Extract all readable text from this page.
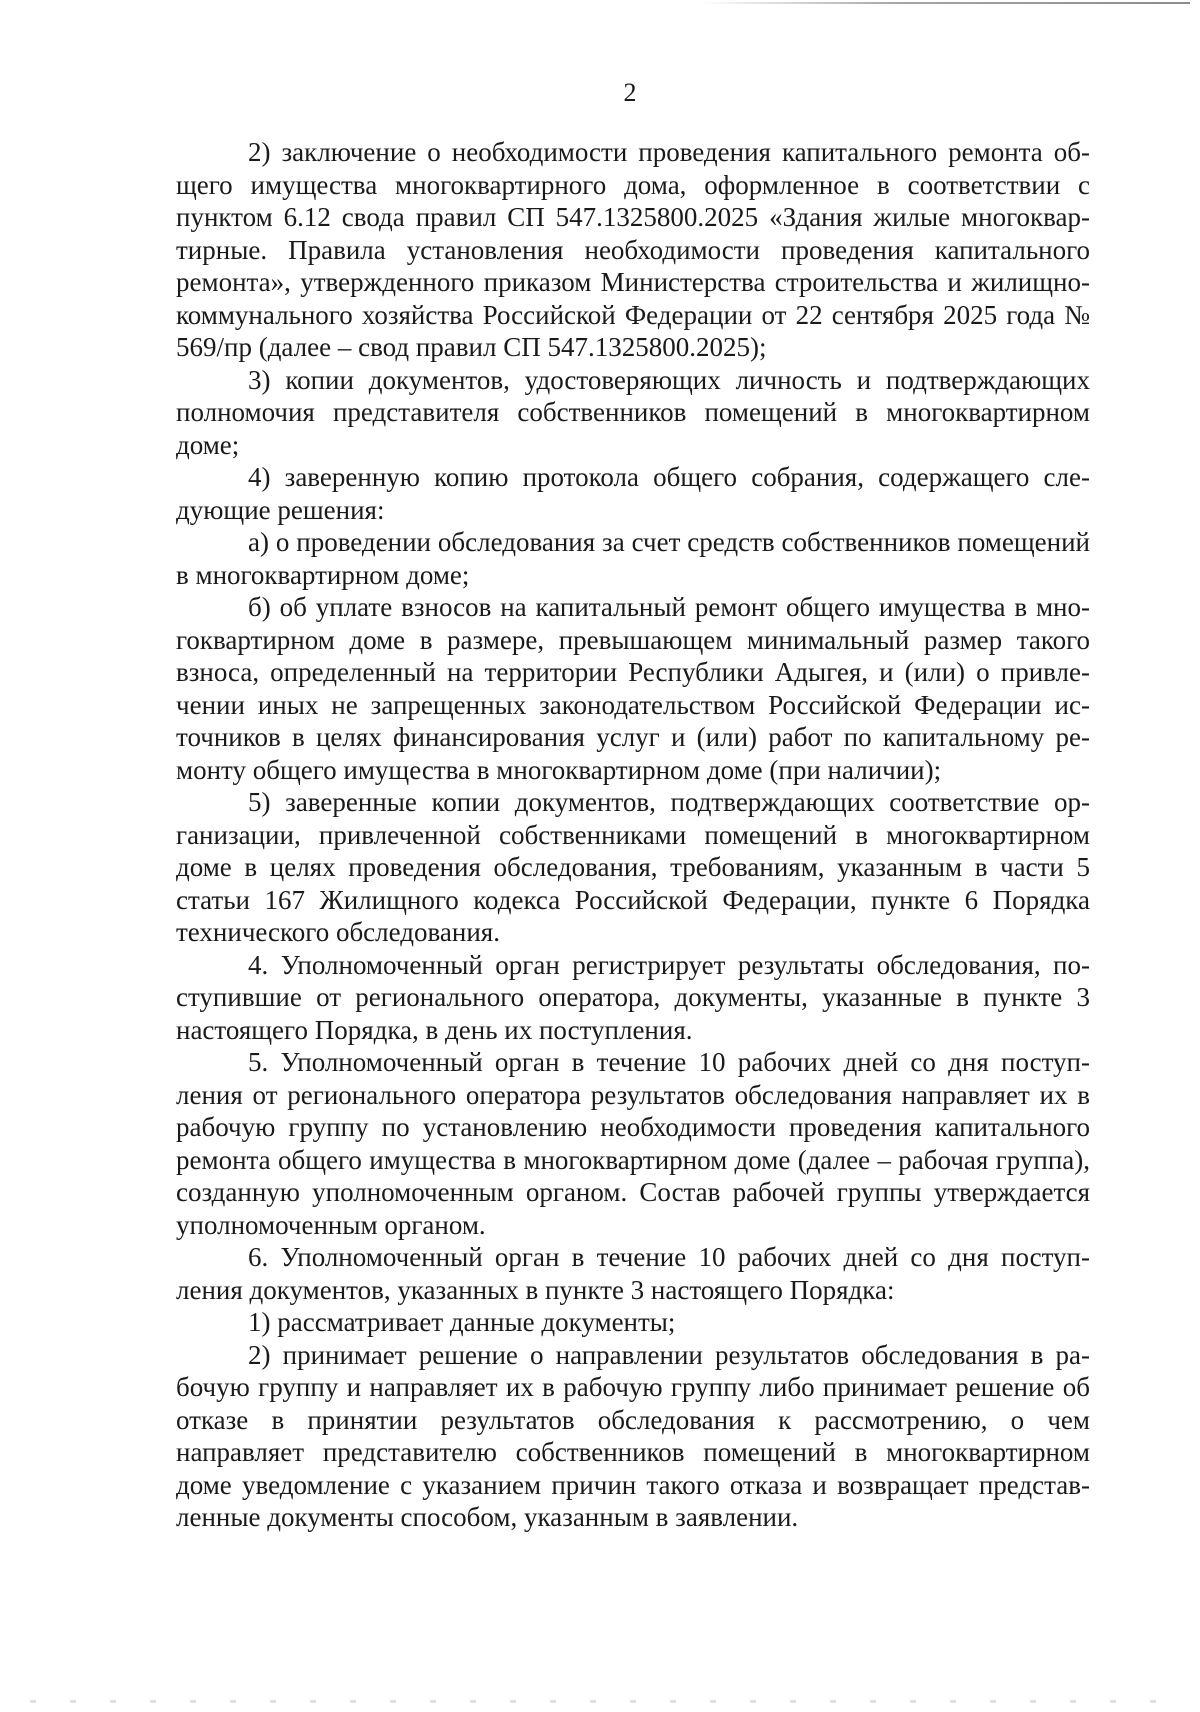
2

2) заключение о необходимости проведения капитального ремонта общего имущества многоквартирного дома, оформленное в соответствии с пунктом 6.12 свода правил СП 547.1325800.2025 «Здания жилые многоквартирные. Правила установления необходимости проведения капитального ремонта», утвержденного приказом Министерства строительства и жилищно-коммунального хозяйства Российской Федерации от 22 сентября 2025 года № 569/пр (далее – свод правил СП 547.1325800.2025);

3) копии документов, удостоверяющих личность и подтверждающих полномочия представителя собственников помещений в многоквартирном доме;

4) заверенную копию протокола общего собрания, содержащего следующие решения:

а) о проведении обследования за счет средств собственников помещений в многоквартирном доме;

б) об уплате взносов на капитальный ремонт общего имущества в многоквартирном доме в размере, превышающем минимальный размер такого взноса, определенный на территории Республики Адыгея, и (или) о привлечении иных не запрещенных законодательством Российской Федерации источников в целях финансирования услуг и (или) работ по капитальному ремонту общего имущества в многоквартирном доме (при наличии);

5) заверенные копии документов, подтверждающих соответствие организации, привлеченной собственниками помещений в многоквартирном доме в целях проведения обследования, требованиям, указанным в части 5 статьи 167 Жилищного кодекса Российской Федерации, пункте 6 Порядка технического обследования.

4. Уполномоченный орган регистрирует результаты обследования, поступившие от регионального оператора, документы, указанные в пункте 3 настоящего Порядка, в день их поступления.

5. Уполномоченный орган в течение 10 рабочих дней со дня поступления от регионального оператора результатов обследования направляет их в рабочую группу по установлению необходимости проведения капитального ремонта общего имущества в многоквартирном доме (далее – рабочая группа), созданную уполномоченным органом. Состав рабочей группы утверждается уполномоченным органом.

6. Уполномоченный орган в течение 10 рабочих дней со дня поступления документов, указанных в пункте 3 настоящего Порядка:

1) рассматривает данные документы;

2) принимает решение о направлении результатов обследования в рабочую группу и направляет их в рабочую группу либо принимает решение об отказе в принятии результатов обследования к рассмотрению, о чем направляет представителю собственников помещений в многоквартирном доме уведомление с указанием причин такого отказа и возвращает представленные документы способом, указанным в заявлении.
